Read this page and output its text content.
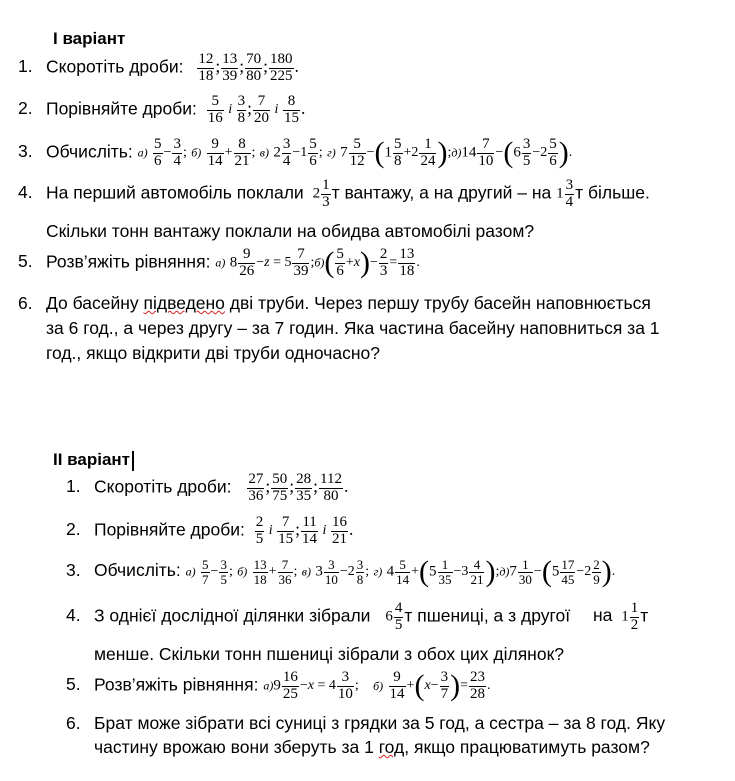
І варіант
1. Скоротіть дроби: $\frac{12}{18}$ ; $\frac{13}{39}$ ; $\frac{70}{80}$ ; $\frac{180}{225}$ .
2. Порівняйте дроби: $\frac{5}{16}$ і $\frac{3}{8}$ ; $\frac{7}{20}$ і $\frac{8}{15}$ .
3. Обчисліть: $а) \frac{5}{6} - \frac{3}{4}$ ; $б) \frac{9}{14} + \frac{8}{21}$ ; в) $2 \frac{3}{4} -1 \frac{5}{6}$ ; г) $7 \frac{5}{12} -(1 \frac{5}{8} +2 \frac{1}{24}$ );д)14 $\frac{7}{10} -(6 \frac{3}{5} -2 \frac{5}{6}$ ).
4. На перший автомобіль поклали $2 \frac{1}{3}$ т вантажу, а на другий – на $1 \frac{3}{4}$ т більше.
Скільки тонн вантажу поклали на обидва автомобілі разом?
5. Розв’яжіть рівняння: а) $8 \frac{9}{26} -z = 5 \frac{7}{39}$ ;б)( $\frac{5}{6} +x)- \frac{2}{3} = \frac{13}{18}$ .
6. До басейну підведено дві труби. Через першу трубу басейн наповнюється
за 6 год., а через другу – за 7 годин. Яка частина басейну наповниться за 1
год., якщо відкрити дві труби одночасно?
ІІ варіант
1. Скоротіть дроби: $\frac{27}{36}$ ; $\frac{50}{75}$ ; $\frac{28}{35}$ ; $\frac{112}{80}$ .
2. Порівняйте дроби: $\frac{2}{5}$ і $\frac{7}{15}$ ; $\frac{11}{14}$ і $\frac{16}{21}$ .
3. Обчисліть: $а) \frac{5}{7} - \frac{3}{5}$ ; $б) \frac{13}{18} + \frac{7}{36}$ ; в) $3 \frac{3}{10} -2 \frac{3}{8}$ ; г) $4 \frac{5}{14} +(5 \frac{1}{35} -3 \frac{4}{21}$ );д)7 $\frac{1}{30} -(5 \frac{17}{45} -2 \frac{2}{9}$ ).
4. З однієї дослідної ділянки зібрали $6 \frac{4}{5}$ т пшениці, а з другої на $1 \frac{1}{2}$ т
менше. Скільки тонн пшениці зібрали з обох цих ділянок?
5. Розв’яжіть рівняння: $а)9 \frac{16}{25} -x = 4 \frac{3}{10}$ ; $б) \frac{9}{14} +(x- \frac{3}{7}$ )= $\frac{23}{28}$ .
6. Брат може зібрати всі суниці з грядки за 5 год, а сестра – за 8 год. Яку
частину врожаю вони зберуть за 1 год, якщо працюватимуть разом?
